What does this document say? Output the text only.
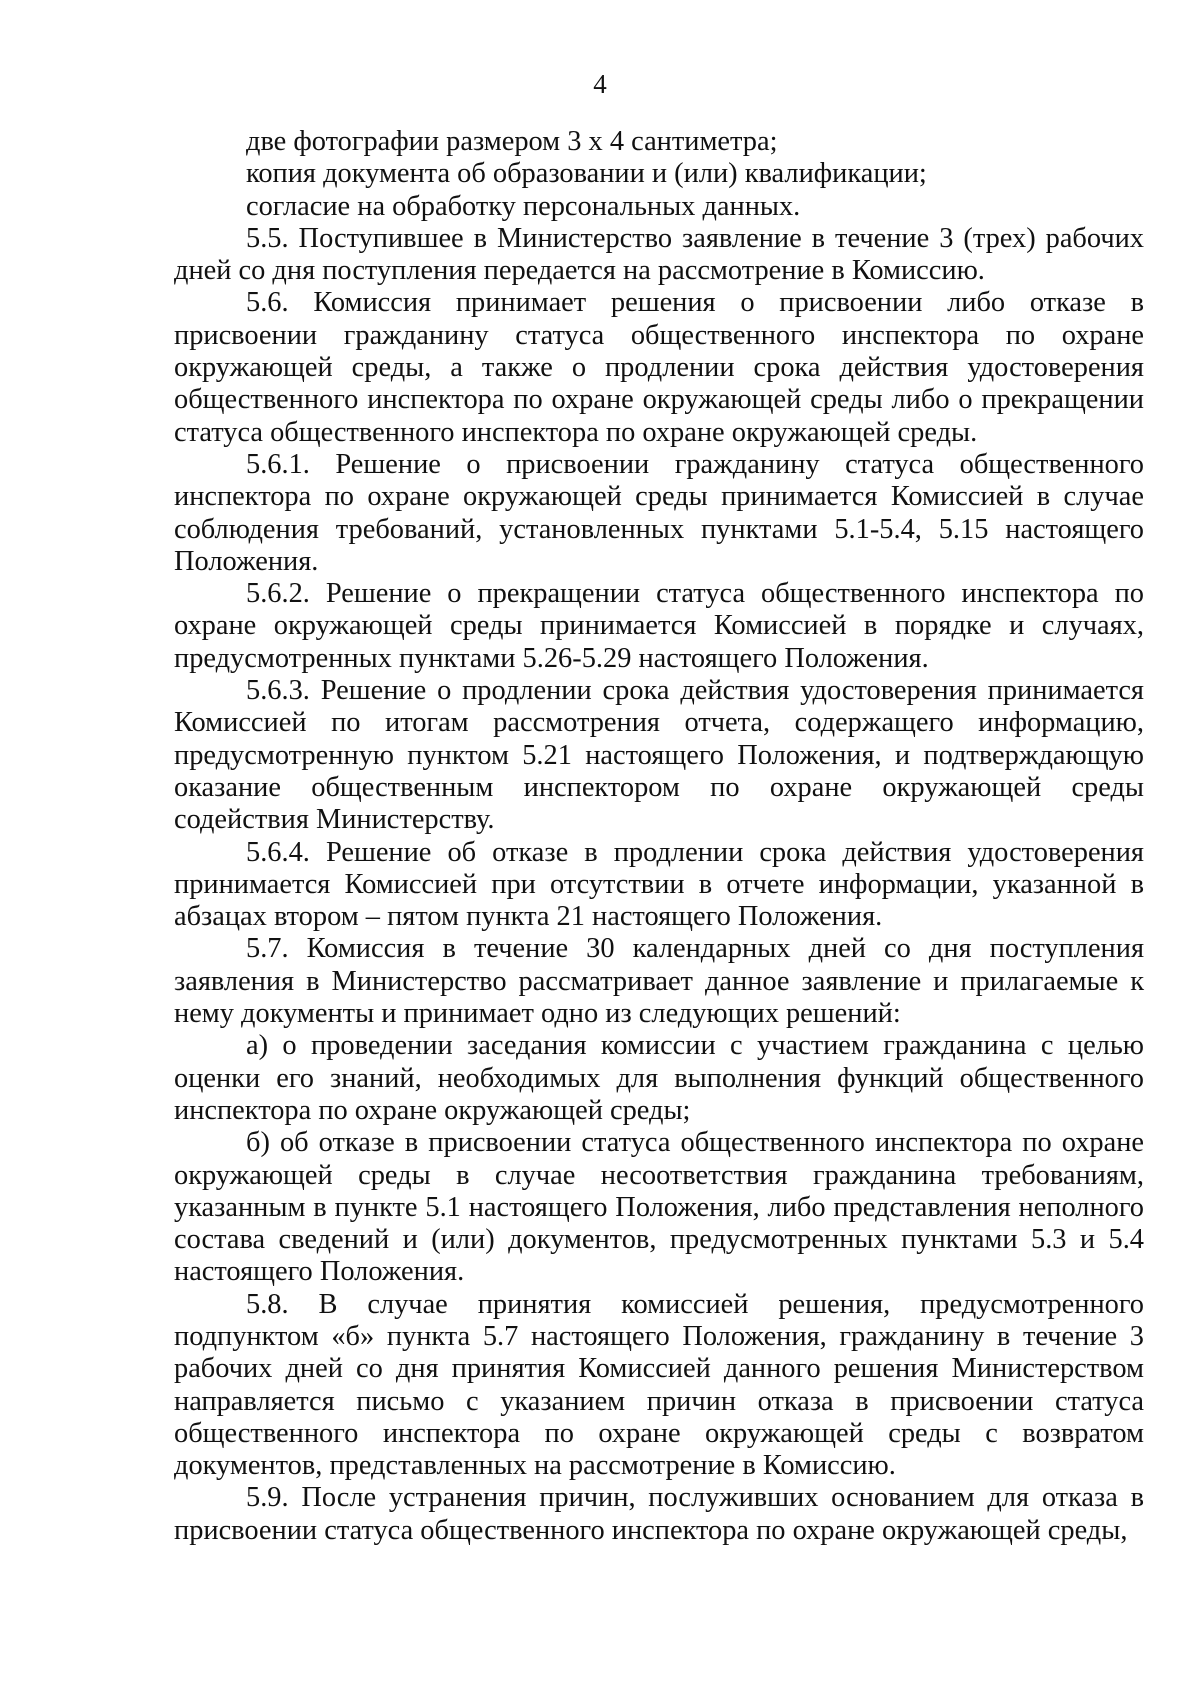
4

две фотографии размером 3 х 4 сантиметра;

копия документа об образовании и (или) квалификации;

согласие на обработку персональных данных.

5.5. Поступившее в Министерство заявление в течение 3 (трех) рабочих дней со дня поступления передается на рассмотрение в Комиссию.

5.6. Комиссия принимает решения о присвоении либо отказе в присвоении гражданину статуса общественного инспектора по охране окружающей среды, а также о продлении срока действия удостоверения общественного инспектора по охране окружающей среды либо о прекращении статуса общественного инспектора по охране окружающей среды.

5.6.1. Решение о присвоении гражданину статуса общественного инспектора по охране окружающей среды принимается Комиссией в случае соблюдения требований, установленных пунктами 5.1-5.4, 5.15 настоящего Положения.

5.6.2. Решение о прекращении статуса общественного инспектора по охране окружающей среды принимается Комиссией в порядке и случаях, предусмотренных пунктами 5.26-5.29 настоящего Положения.

5.6.3. Решение о продлении срока действия удостоверения принимается Комиссией по итогам рассмотрения отчета, содержащего информацию, предусмотренную пунктом 5.21 настоящего Положения, и подтверждающую оказание общественным инспектором по охране окружающей среды содействия Министерству.

5.6.4. Решение об отказе в продлении срока действия удостоверения принимается Комиссией при отсутствии в отчете информации, указанной в абзацах втором – пятом пункта 21 настоящего Положения.

5.7. Комиссия в течение 30 календарных дней со дня поступления заявления в Министерство рассматривает данное заявление и прилагаемые к нему документы и принимает одно из следующих решений:

а) о проведении заседания комиссии с участием гражданина с целью оценки его знаний, необходимых для выполнения функций общественного инспектора по охране окружающей среды;

б) об отказе в присвоении статуса общественного инспектора по охране окружающей среды в случае несоответствия гражданина требованиям, указанным в пункте 5.1 настоящего Положения, либо представления неполного состава сведений и (или) документов, предусмотренных пунктами 5.3 и 5.4 настоящего Положения.

5.8. В случае принятия комиссией решения, предусмотренного подпунктом «б» пункта 5.7 настоящего Положения, гражданину в течение 3 рабочих дней со дня принятия Комиссией данного решения Министерством направляется письмо с указанием причин отказа в присвоении статуса общественного инспектора по охране окружающей среды с возвратом документов, представленных на рассмотрение в Комиссию.

5.9. После устранения причин, послуживших основанием для отказа в присвоении статуса общественного инспектора по охране окружающей среды,
